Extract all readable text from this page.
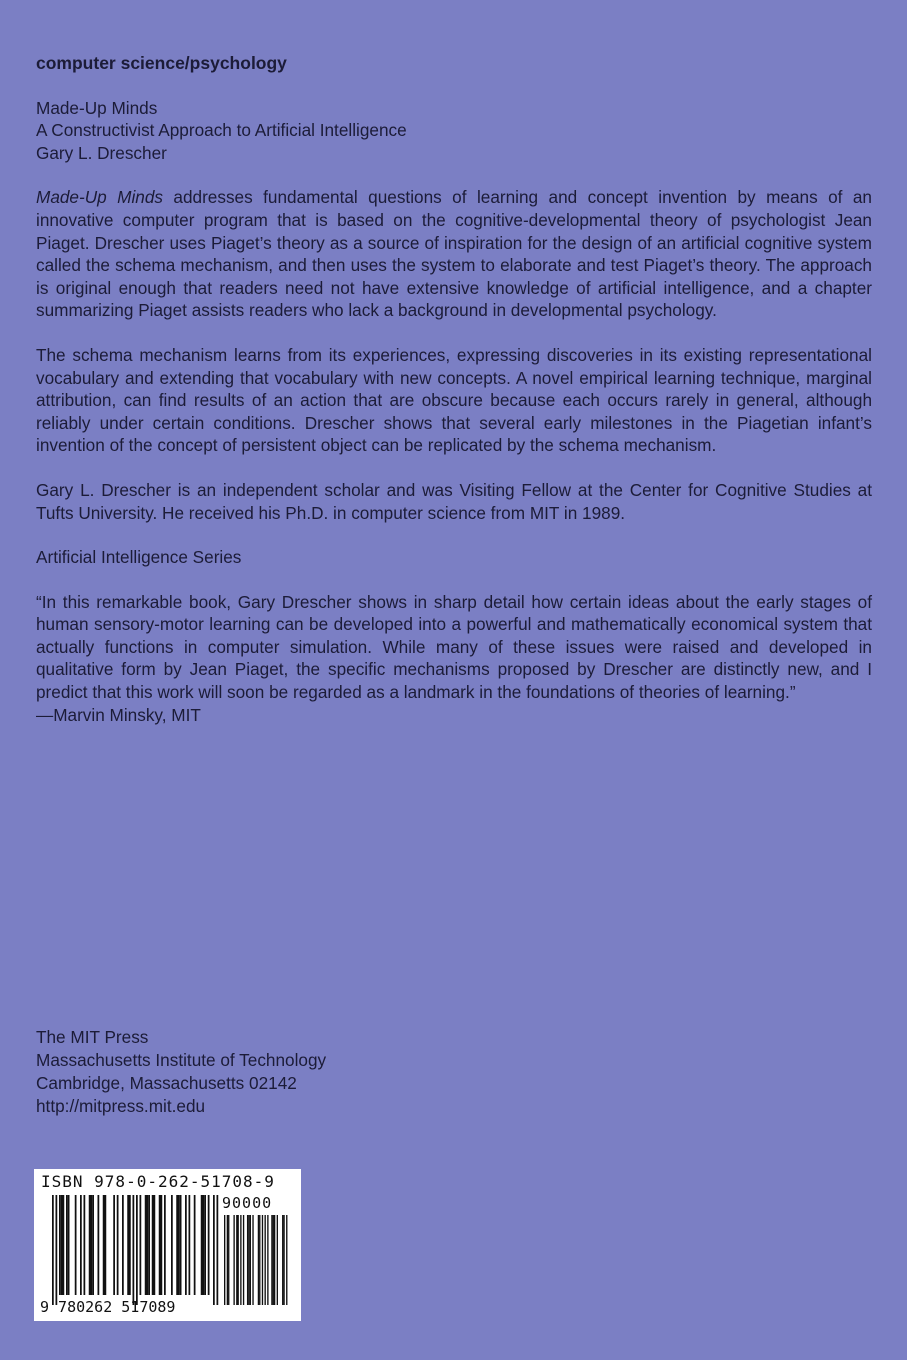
computer science/psychology

Made-Up Minds

A Constructivist Approach to Artificial Intelligence

Gary L. Drescher

Made-Up Minds addresses fundamental questions of learning and concept invention by means of an innovative computer program that is based on the cognitive-developmental theory of psychologist Jean Piaget. Drescher uses Piaget’s theory as a source of inspiration for the design of an artificial cognitive system called the schema mechanism, and then uses the system to elaborate and test Piaget’s theory. The approach is original enough that readers need not have extensive knowledge of artificial intelligence, and a chapter summarizing Piaget assists readers who lack a background in developmental psychology.

The schema mechanism learns from its experiences, expressing discoveries in its existing representational vocabulary and extending that vocabulary with new concepts. A novel empirical learning technique, marginal attribution, can find results of an action that are obscure because each occurs rarely in general, although reliably under certain conditions. Drescher shows that several early milestones in the Piagetian infant’s invention of the concept of persistent object can be replicated by the schema mechanism.

Gary L. Drescher is an independent scholar and was Visiting Fellow at the Center for Cognitive Studies at Tufts University. He received his Ph.D. in computer science from MIT in 1989.

Artificial Intelligence Series

“In this remarkable book, Gary Drescher shows in sharp detail how certain ideas about the early stages of human sensory-motor learning can be developed into a powerful and mathematically economical system that actually functions in computer simulation. While many of these issues were raised and developed in qualitative form by Jean Piaget, the specific mechanisms proposed by Drescher are distinctly new, and I predict that this work will soon be regarded as a landmark in the foundations of theories of learning.”

—Marvin Minsky, MIT

The MIT Press

Massachusetts Institute of Technology

Cambridge, Massachusetts 02142

http://mitpress.mit.edu

ISBN 978-0-262-51708-9
90000
9 780262 517089
